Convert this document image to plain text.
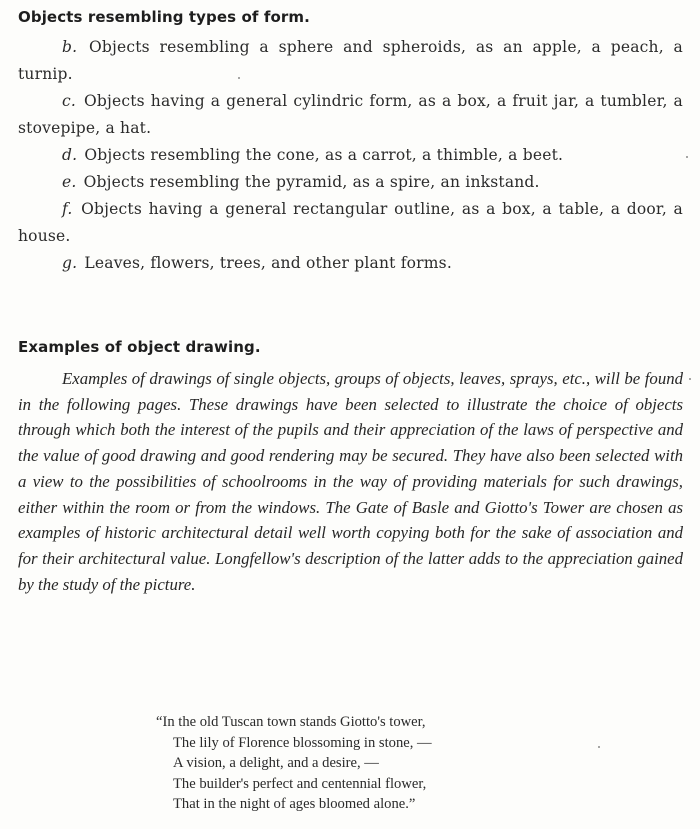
Objects resembling types of form.
b. Objects resembling a sphere and spheroids, as an apple, a peach, a turnip.
c. Objects having a general cylindric form, as a box, a fruit jar, a tumbler, a stovepipe, a hat.
d. Objects resembling the cone, as a carrot, a thimble, a beet.
e. Objects resembling the pyramid, as a spire, an inkstand.
f. Objects having a general rectangular outline, as a box, a table, a door, a house.
g. Leaves, flowers, trees, and other plant forms.
Examples of object drawing.
Examples of drawings of single objects, groups of objects, leaves, sprays, etc., will be found in the following pages. These drawings have been selected to illustrate the choice of objects through which both the interest of the pupils and their appreciation of the laws of perspective and the value of good drawing and good rendering may be secured. They have also been selected with a view to the possibilities of schoolrooms in the way of providing materials for such drawings, either within the room or from the windows. The Gate of Basle and Giotto's Tower are chosen as examples of historic architectural detail well worth copying both for the sake of association and for their architectural value. Longfellow's description of the latter adds to the appreciation gained by the study of the picture.
“In the old Tuscan town stands Giotto's tower,
The lily of Florence blossoming in stone, —
A vision, a delight, and a desire, —
The builder's perfect and centennial flower,
That in the night of ages bloomed alone.”
